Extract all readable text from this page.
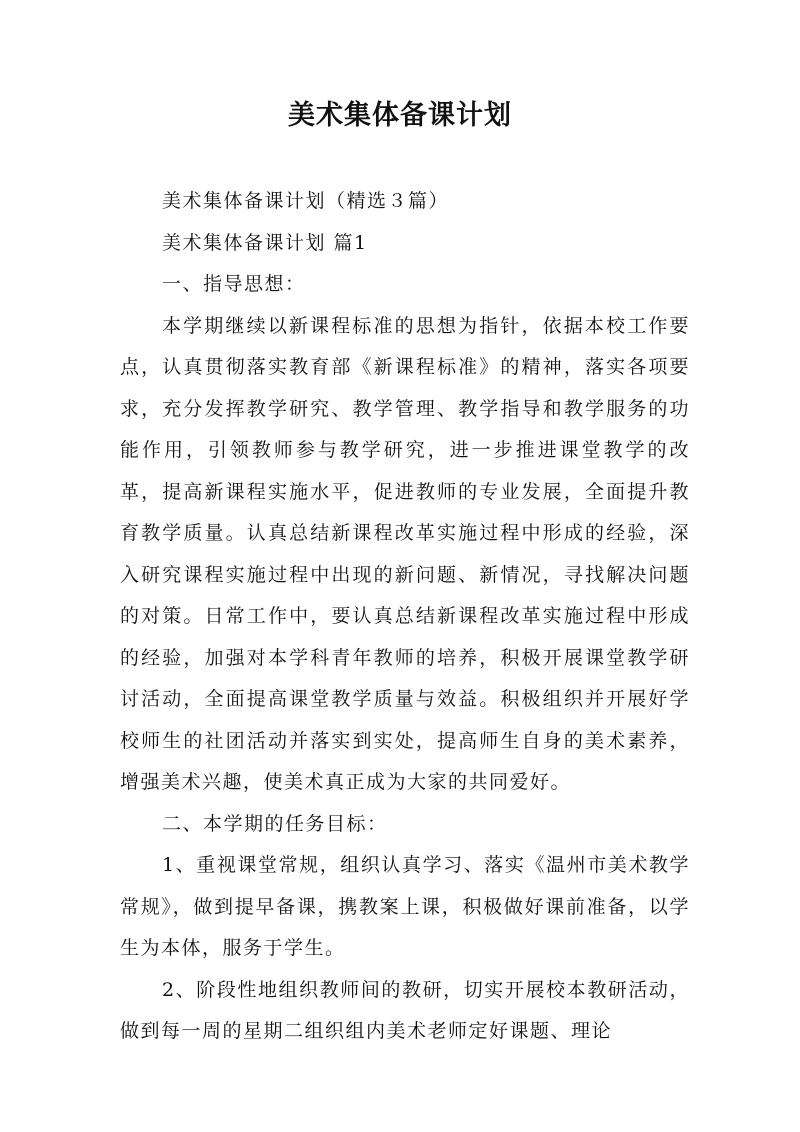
美术集体备课计划

美术集体备课计划（精选３篇）

美术集体备课计划 篇1

一、指导思想：

本学期继续以新课程标准的思想为指针，依据本校工作要点，认真贯彻落实教育部《新课程标准》的精神，落实各项要求，充分发挥教学研究、教学管理、教学指导和教学服务的功能作用，引领教师参与教学研究，进一步推进课堂教学的改革，提高新课程实施水平，促进教师的专业发展，全面提升教育教学质量。认真总结新课程改革实施过程中形成的经验，深入研究课程实施过程中出现的新问题、新情况，寻找解决问题的对策。日常工作中，要认真总结新课程改革实施过程中形成的经验，加强对本学科青年教师的培养，积极开展课堂教学研讨活动，全面提高课堂教学质量与效益。积极组织并开展好学校师生的社团活动并落实到实处，提高师生自身的美术素养，增强美术兴趣，使美术真正成为大家的共同爱好。

二、本学期的任务目标：

1、重视课堂常规，组织认真学习、落实《温州市美术教学常规》，做到提早备课，携教案上课，积极做好课前准备，以学生为本体，服务于学生。

2、阶段性地组织教师间的教研，切实开展校本教研活动，做到每一周的星期二组织组内美术老师定好课题、理论
